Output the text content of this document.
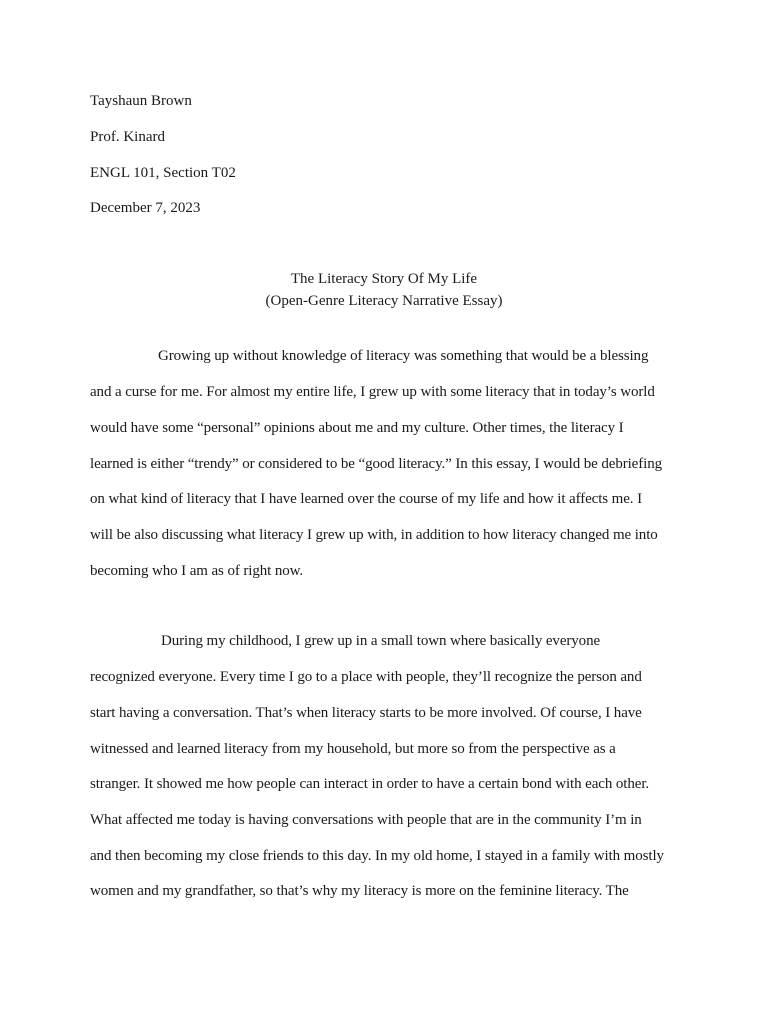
Tayshaun Brown
Prof. Kinard
ENGL 101, Section T02
December 7, 2023
The Literacy Story Of My Life
(Open-Genre Literacy Narrative Essay)
Growing up without knowledge of literacy was something that would be a blessing
and a curse for me. For almost my entire life, I grew up with some literacy that in today’s world
would have some “personal” opinions about me and my culture. Other times, the literacy I
learned is either “trendy” or considered to be “good literacy.” In this essay, I would be debriefing
on what kind of literacy that I have learned over the course of my life and how it affects me. I
will be also discussing what literacy I grew up with, in addition to how literacy changed me into
becoming who I am as of right now.
During my childhood, I grew up in a small town where basically everyone
recognized everyone. Every time I go to a place with people, they’ll recognize the person and
start having a conversation. That’s when literacy starts to be more involved. Of course, I have
witnessed and learned literacy from my household, but more so from the perspective as a
stranger. It showed me how people can interact in order to have a certain bond with each other.
What affected me today is having conversations with people that are in the community I’m in
and then becoming my close friends to this day. In my old home, I stayed in a family with mostly
women and my grandfather, so that’s why my literacy is more on the feminine literacy. The
